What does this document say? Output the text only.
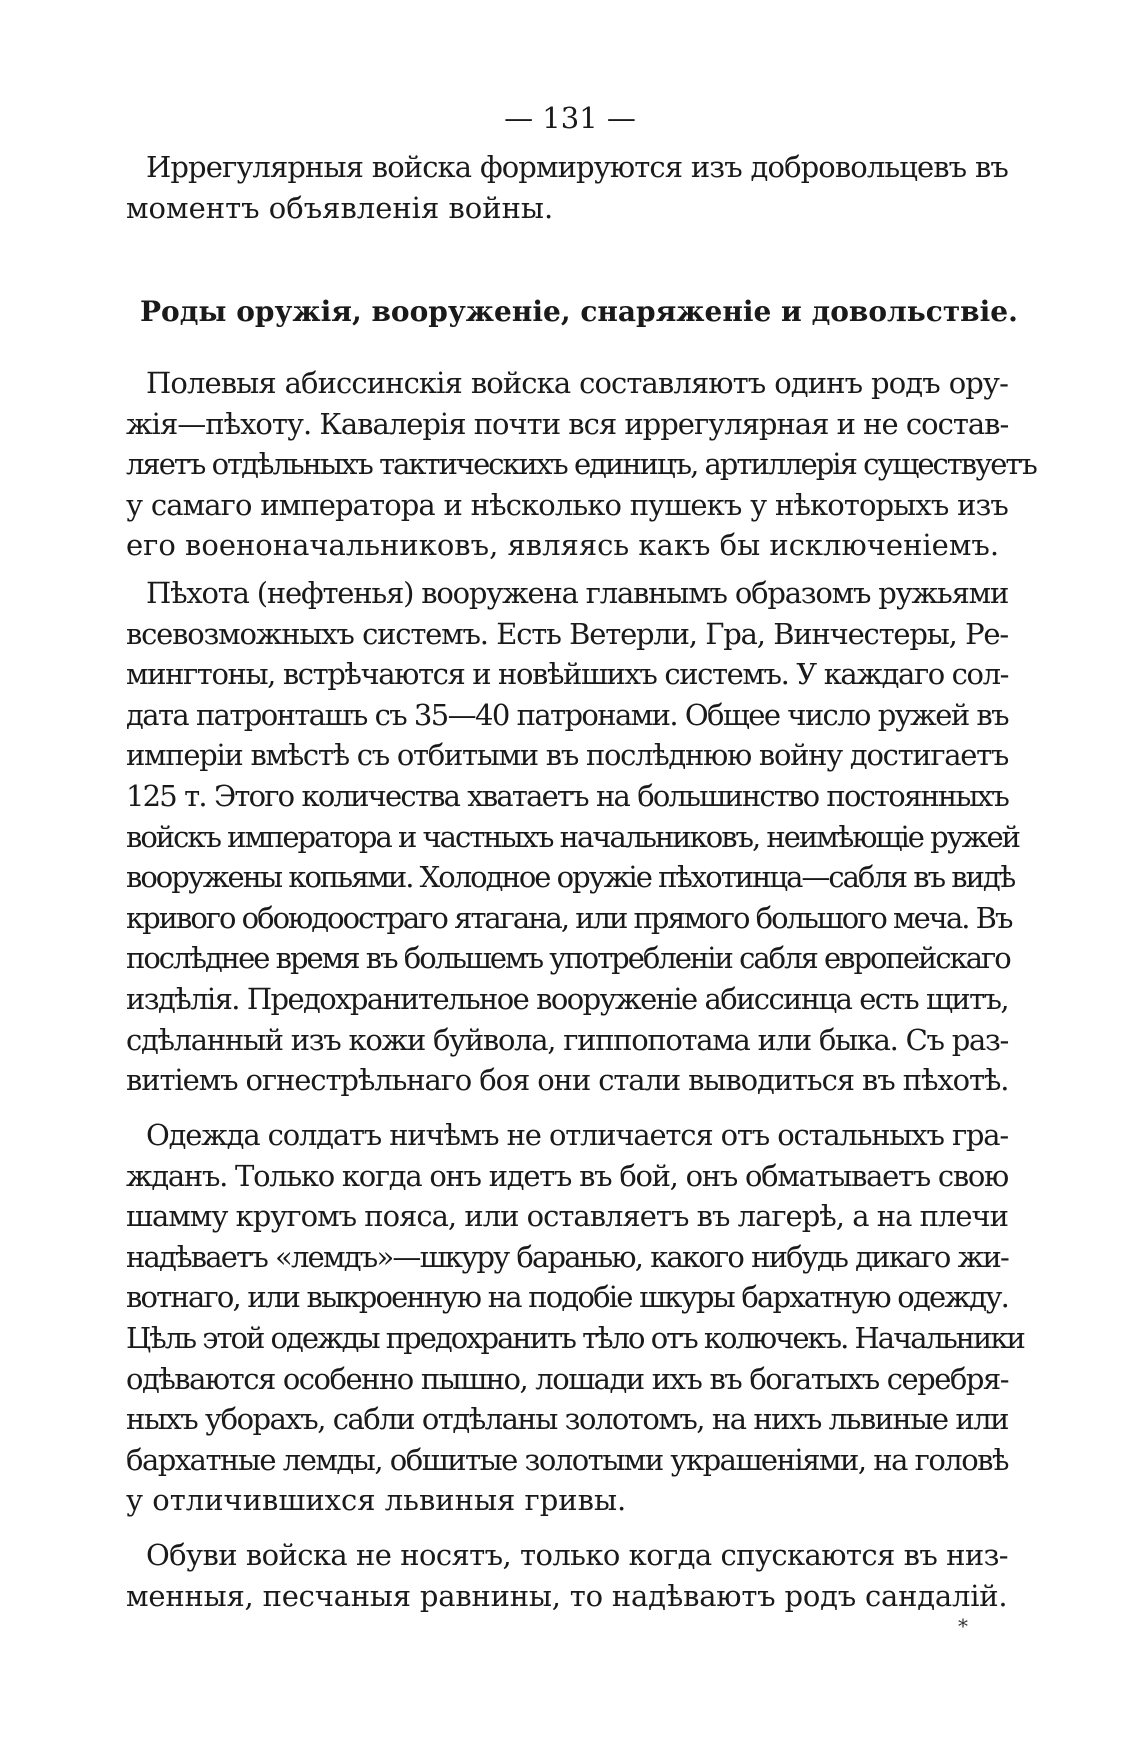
— 131 —
Иррегулярныя войска формируются изъ добровольцевъ въ
моментъ объявленія войны.
Роды оружія, вооруженіе, снаряженіе и довольствіе.
Полевыя абиссинскія войска составляютъ одинъ родъ ору-
жія—пѣхоту. Кавалерія почти вся иррегулярная и не состав-
ляетъ отдѣльныхъ тактическихъ единицъ, артиллерія существуетъ
у самаго императора и нѣсколько пушекъ у нѣкоторыхъ изъ
его военоначальниковъ, являясь какъ бы исключеніемъ.
Пѣхота (нефтенья) вооружена главнымъ образомъ ружьями
всевозможныхъ системъ. Есть Ветерли, Гра, Винчестеры, Ре-
мингтоны, встрѣчаются и новѣйшихъ системъ. У каждаго сол-
дата патронташъ съ 35—40 патронами. Общее число ружей въ
имперіи вмѣстѣ съ отбитыми въ послѣднюю войну достигаетъ
125 т. Этого количества хватаетъ на большинство постоянныхъ
войскъ императора и частныхъ начальниковъ, неимѣющіе ружей
вооружены копьями. Холодное оружіе пѣхотинца—сабля въ видѣ
кривого обоюдоостраго ятагана, или прямого большого меча. Въ
послѣднее время въ большемъ употребленіи сабля европейскаго
издѣлія. Предохранительное вооруженіе абиссинца есть щитъ,
сдѣланный изъ кожи буйвола, гиппопотама или быка. Съ раз-
витіемъ огнестрѣльнаго боя они стали выводиться въ пѣхотѣ.
Одежда солдатъ ничѣмъ не отличается отъ остальныхъ гра-
жданъ. Только когда онъ идетъ въ бой, онъ обматываетъ свою
шамму кругомъ пояса, или оставляетъ въ лагерѣ, а на плечи
надѣваетъ «лемдъ»—шкуру баранью, какого нибудь дикаго жи-
вотнаго, или выкроенную на подобіе шкуры бархатную одежду.
Цѣль этой одежды предохранить тѣло отъ колючекъ. Начальники
одѣваются особенно пышно, лошади ихъ въ богатыхъ серебря-
ныхъ уборахъ, сабли отдѣланы золотомъ, на нихъ львиные или
бархатные лемды, обшитые золотыми украшеніями, на головѣ
у отличившихся львиныя гривы.
Обуви войска не носятъ, только когда спускаются въ низ-
менныя, песчаныя равнины, то надѣваютъ родъ сандалій.
*
